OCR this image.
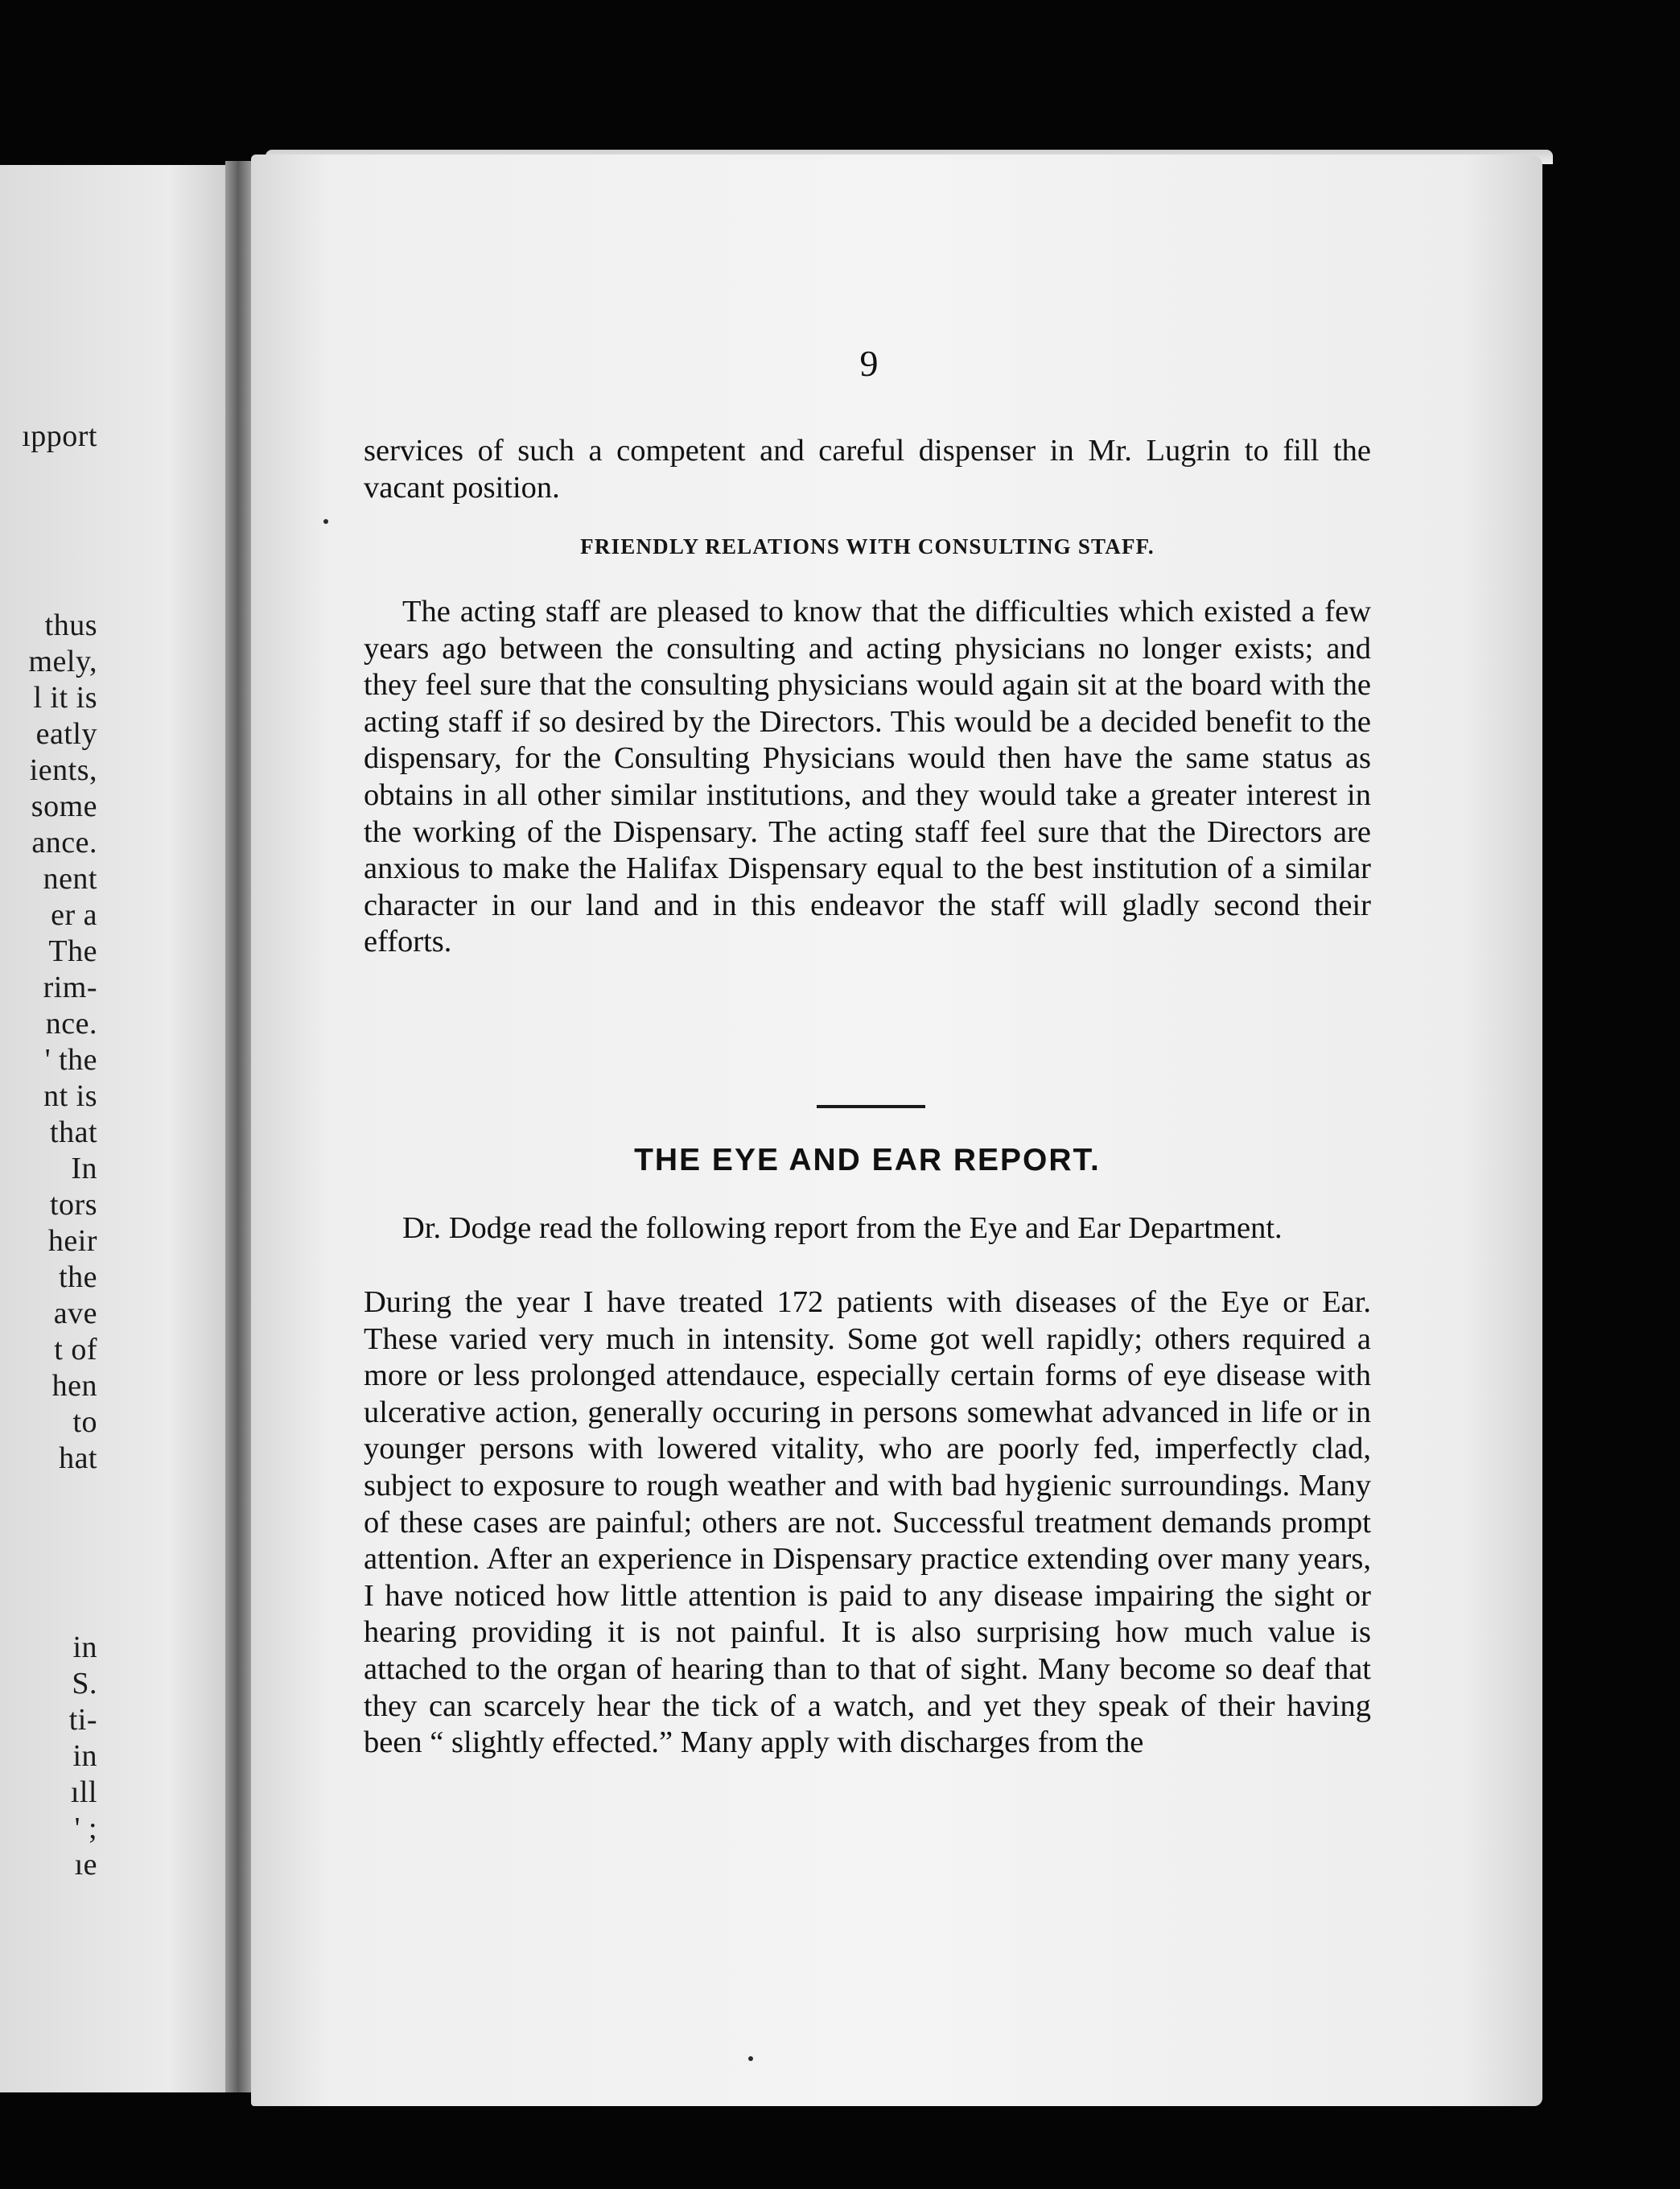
ıpport
thus
mely,
l it is
eatly
ients,
some
ance.
nent
er a
The
rim-
nce.
' the
nt is
that
In
tors
heir
the
ave
t of
hen
to
hat
in
S.
ti-
in
ıll
' ;
ıe
9

services of such a competent and careful dispenser in Mr. Lugrin to fill the vacant position.

FRIENDLY RELATIONS WITH CONSULTING STAFF.

The acting staff are pleased to know that the difficulties which existed a few years ago between the consulting and acting physicians no longer exists; and they feel sure that the consulting physicians would again sit at the board with the acting staff if so desired by the Directors. This would be a decided benefit to the dispensary, for the Consulting Physicians would then have the same status as obtains in all other similar institutions, and they would take a greater interest in the working of the Dispensary. The acting staff feel sure that the Directors are anxious to make the Halifax Dispensary equal to the best institution of a similar character in our land and in this endeavor the staff will gladly second their efforts.

THE EYE AND EAR REPORT.

Dr. Dodge read the following report from the Eye and Ear Department.

During the year I have treated 172 patients with diseases of the Eye or Ear. These varied very much in intensity. Some got well rapidly; others required a more or less prolonged attendauce, especially certain forms of eye disease with ulcerative action, generally occuring in persons somewhat advanced in life or in younger persons with lowered vitality, who are poorly fed, imperfectly clad, subject to exposure to rough weather and with bad hygienic surroundings. Many of these cases are painful; others are not. Successful treatment demands prompt attention. After an experience in Dispensary practice extending over many years, I have noticed how little attention is paid to any disease impairing the sight or hearing providing it is not painful. It is also surprising how much value is attached to the organ of hearing than to that of sight. Many become so deaf that they can scarcely hear the tick of a watch, and yet they speak of their having been “ slightly effected.” Many apply with discharges from the
